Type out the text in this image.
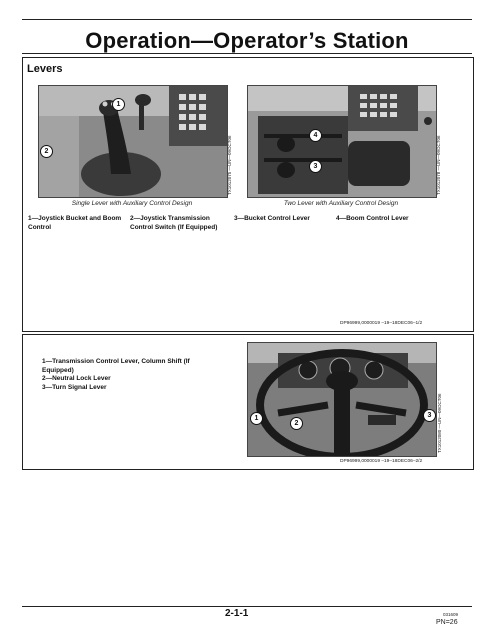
Operation—Operator’s Station
Levers
1
2	TX1012075 —UN—09OCT06
Single Lever with Auxiliary Control Design
4
3	TX1012078 —UN—09OCT06
Two Lever with Auxiliary Control Design
1—Joystick Bucket and Boom Control
2—Joystick Transmission Control Switch (If Equipped)
3—Bucket Control Lever	4—Boom Control Lever
DP96999,0000019 –19–18DEC06–1/2
1—Transmission Control Lever, Column Shift (If Equipped)
2—Neutral Lock Lever
3—Turn Signal Lever
1
2
3	TX1012080 —UN—09OCT06
DP96999,0000019 –19–18DEC06–2/2
2-1-1	031609
PN=26
